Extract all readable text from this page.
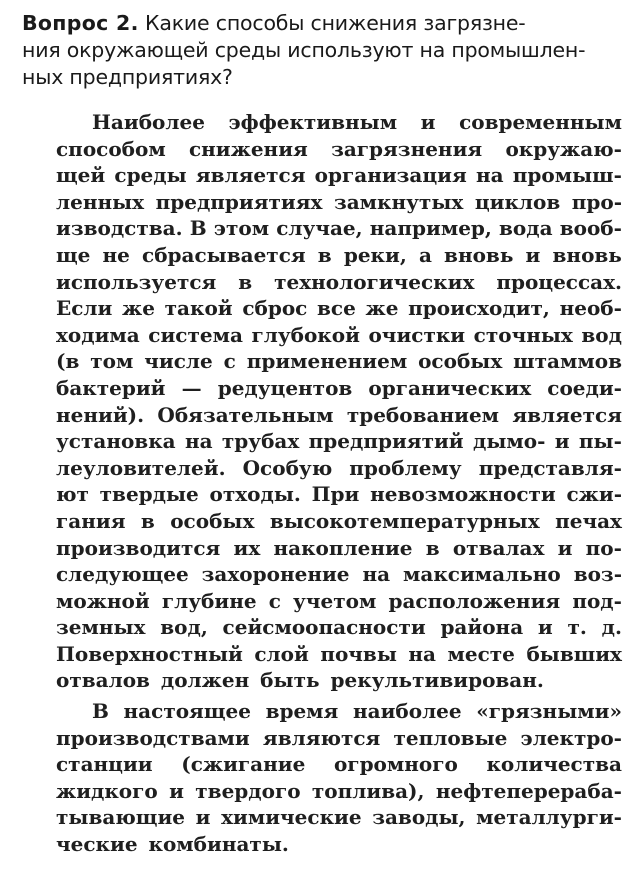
Вопрос 2. Какие способы снижения загрязне-
ния окружающей среды используют на промышлен-
ных предприятиях?
Наиболее эффективным и современным
способом снижения загрязнения окружаю-
щей среды является организация на промыш-
ленных предприятиях замкнутых циклов про-
изводства. В этом случае, например, вода вооб-
ще не сбрасывается в реки, а вновь и вновь
используется в технологических процессах.
Если же такой сброс все же происходит, необ-
ходима система глубокой очистки сточных вод
(в том числе с применением особых штаммов
бактерий — редуцентов органических соеди-
нений). Обязательным требованием является
установка на трубах предприятий дымо- и пы-
леуловителей. Особую проблему представля-
ют твердые отходы. При невозможности сжи-
гания в особых высокотемпературных печах
производится их накопление в отвалах и по-
следующее захоронение на максимально воз-
можной глубине с учетом расположения под-
земных вод, сейсмоопасности района и т. д.
Поверхностный слой почвы на месте бывших
отвалов должен быть рекультивирован.
В настоящее время наиболее «грязными»
производствами являются тепловые электро-
станции (сжигание огромного количества
жидкого и твердого топлива), нефтеперераба-
тывающие и химические заводы, металлурги-
ческие комбинаты.
